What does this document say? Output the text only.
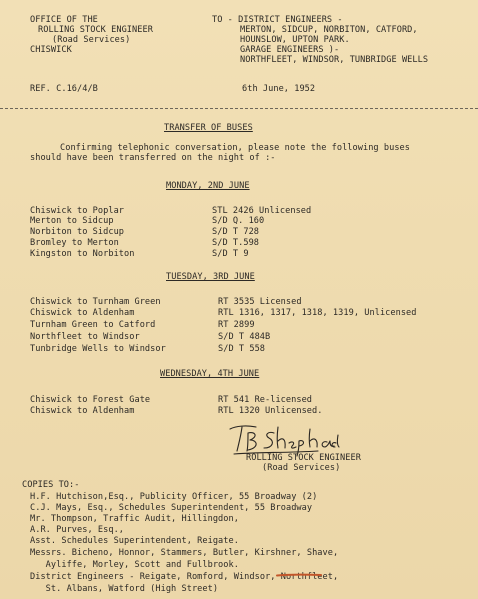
OFFICE OF THE
ROLLING STOCK ENGINEER
(Road Services)
CHISWICK
TO - DISTRICT ENGINEERS -
MERTON, SIDCUP, NORBITON, CATFORD,
HOUNSLOW, UPTON PARK.
GARAGE ENGINEERS )-
NORTHFLEET, WINDSOR, TUNBRIDGE WELLS
REF. C.16/4/B	6th June, 1952
TRANSFER OF BUSES
Confirming telephonic conversation, please note the following buses
should have been transferred on the night of :-
MONDAY, 2ND JUNE
Chiswick to Poplar	STL 2426 Unlicensed
Merton to Sidcup	S/D Q. 160
Norbiton to Sidcup	S/D T 728
Bromley to Merton	S/D T.598
Kingston to Norbiton	S/D T 9
TUESDAY, 3RD JUNE
Chiswick to Turnham Green	RT 3535 Licensed
Chiswick to Aldenham	RTL 1316, 1317, 1318, 1319, Unlicensed
Turnham Green to Catford	RT 2899
Northfleet to Windsor	S/D T 484B
Tunbridge Wells to Windsor	S/D T 558
WEDNESDAY, 4TH JUNE
Chiswick to Forest Gate	RT 541 Re-licensed
Chiswick to Aldenham	RTL 1320 Unlicensed.
ROLLING STOCK ENGINEER
(Road Services)
COPIES TO:-
H.F. Hutchison,Esq., Publicity Officer, 55 Broadway (2)
C.J. Mays, Esq., Schedules Superintendent, 55 Broadway
Mr. Thompson, Traffic Audit, Hillingdon,
A.R. Purves, Esq.,
Asst. Schedules Superintendent, Reigate.
Messrs. Bicheno, Honnor, Stammers, Butler, Kirshner, Shave,
Ayliffe, Morley, Scott and Fullbrook.
District Engineers - Reigate, Romford, Windsor, Northfleet,
St. Albans, Watford (High Street)
